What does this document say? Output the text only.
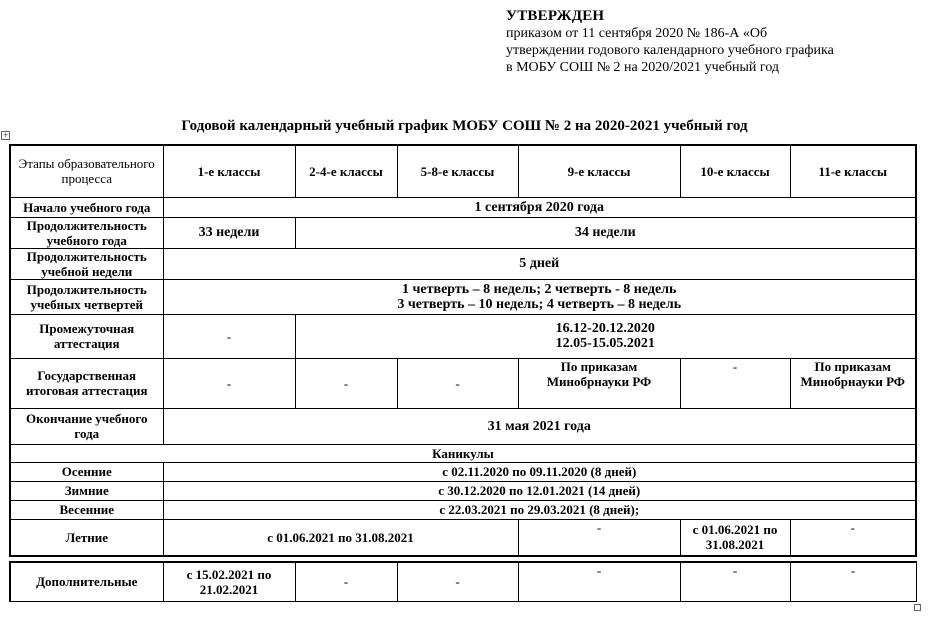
УТВЕРЖДЕН
приказом от 11 сентября 2020 № 186-А «Об
утверждении годового календарного учебного графика
в МОБУ СОШ № 2 на 2020/2021 учебный год
Годовой календарный учебный график МОБУ СОШ № 2 на 2020-2021 учебный год
+
Этапы образовательного процесса	1-е классы	2-4-е классы	5-8-е классы	9-е классы	10-е классы	11-е классы
Начало учебного года	1 сентября 2020 года					
Продолжительность учебного года	33 недели	34 недели				
Продолжительность учебной недели	5 дней					
Продолжительность учебных четвертей	1 четверть – 8 недель; 2 четверть - 8 недель
3 четверть – 10 недель; 4 четверть – 8 недель					

Промежуточная аттестация	-	16.12-20.12.2020
12.05-15.05.2021				

Государственная итоговая аттестация	-	-	-	По приказам Минобрнауки РФ	-	По приказам Минобрнауки РФ
Окончание учебного года	31 мая 2021 года					
Каникулы						
Осенние	с 02.11.2020 по 09.11.2020 (8 дней)					
Зимние	с 30.12.2020 по 12.01.2021 (14 дней)					
Весенние	с 22.03.2021 по 29.03.2021 (8 дней);					
Летние	с 01.06.2021 по 31.08.2021			-	с 01.06.2021 по 31.08.2021	-
Дополнительные	с 15.02.2021 по 21.02.2021	-	-	-	-	-
